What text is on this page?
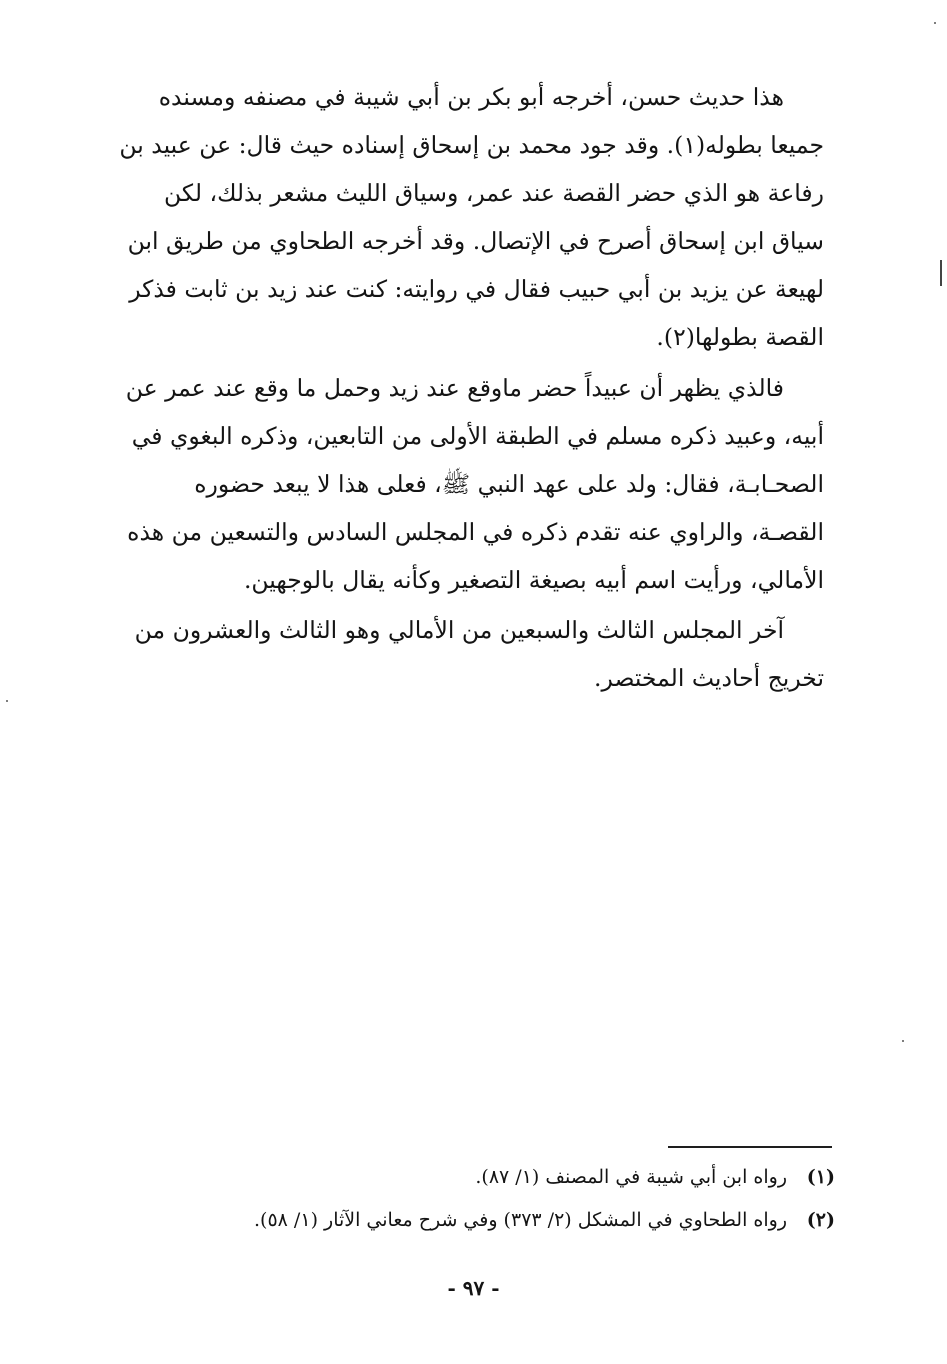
هذا حديث حسن، أخرجه أبو بكر بن أبي شيبة في مصنفه ومسنده
جميعا بطوله(١). وقد جود محمد بن إسحاق إسناده حيث قال: عن عبيد بن
رفاعة هو الذي حضر القصة عند عمر، وسياق الليث مشعر بذلك، لكن
سياق ابن إسحاق أصرح في الإتصال. وقد أخرجه الطحاوي من طريق ابن
لهيعة عن يزيد بن أبي حبيب فقال في روايته: كنت عند زيد بن ثابت فذكر
القصة بطولها(٢).

فالذي يظهر أن عبيداً حضر ماوقع عند زيد وحمل ما وقع عند عمر عن
أبيه، وعبيد ذكره مسلم في الطبقة الأولى من التابعين، وذكره البغوي في
الصحـابـة، فقال: ولد على عهد النبي ﷺ، فعلى هذا لا يبعد حضوره
القصـة، والراوي عنه تقدم ذكره في المجلس السادس والتسعين من هذه
الأمالي، ورأيت اسم أبيه بصيغة التصغير وكأنه يقال بالوجهين.

آخر المجلس الثالث والسبعين من الأمالي وهو الثالث والعشرون من
تخريج أحاديث المختصر.

(١)رواه ابن أبي شيبة في المصنف (١/ ٨٧).
(٢)رواه الطحاوي في المشكل (٢/ ٣٧٣) وفي شرح معاني الآثار (١/ ٥٨).
- ٩٧ -
